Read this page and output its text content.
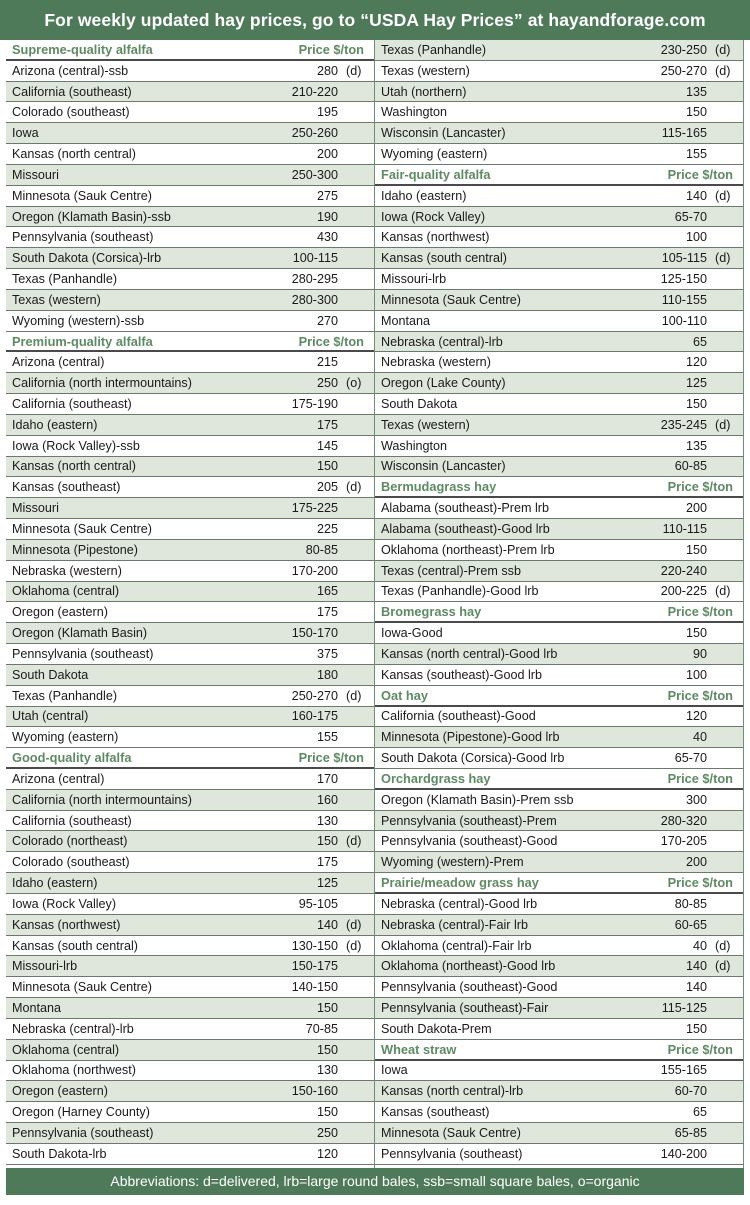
For weekly updated hay prices, go to “USDA Hay Prices” at hayandforage.com
Supreme-quality alfalfa	Price $/ton
Arizona (central)-ssb	280 (d)
California (southeast)	210-220
Colorado (southeast)	195
Iowa	250-260
Kansas (north central)	200
Missouri	250-300
Minnesota (Sauk Centre)	275
Oregon (Klamath Basin)-ssb	190
Pennsylvania (southeast)	430
South Dakota (Corsica)-lrb	100-115
Texas (Panhandle)	280-295
Texas (western)	280-300
Wyoming (western)-ssb	270
Premium-quality alfalfa	Price $/ton
Arizona (central)	215
California (north intermountains)	250 (o)
California (southeast)	175-190
Idaho (eastern)	175
Iowa (Rock Valley)-ssb	145
Kansas (north central)	150
Kansas (southeast)	205 (d)
Missouri	175-225
Minnesota (Sauk Centre)	225
Minnesota (Pipestone)	80-85
Nebraska (western)	170-200
Oklahoma (central)	165
Oregon (eastern)	175
Oregon (Klamath Basin)	150-170
Pennsylvania (southeast)	375
South Dakota	180
Texas (Panhandle)	250-270 (d)
Utah (central)	160-175
Wyoming (eastern)	155
Good-quality alfalfa	Price $/ton
Arizona (central)	170
California (north intermountains)	160
California (southeast)	130
Colorado (northeast)	150 (d)
Colorado (southeast)	175
Idaho (eastern)	125
Iowa (Rock Valley)	95-105
Kansas (northwest)	140 (d)
Kansas (south central)	130-150 (d)
Missouri-lrb	150-175
Minnesota (Sauk Centre)	140-150
Montana	150
Nebraska (central)-lrb	70-85
Oklahoma (central)	150
Oklahoma (northwest)	130
Oregon (eastern)	150-160
Oregon (Harney County)	150
Pennsylvania (southeast)	250
South Dakota-lrb	120
Texas (Panhandle)	230-250 (d)
Texas (western)	250-270 (d)
Utah (northern)	135
Washington	150
Wisconsin (Lancaster)	115-165
Wyoming (eastern)	155
Fair-quality alfalfa	Price $/ton
Idaho (eastern)	140 (d)
Iowa (Rock Valley)	65-70
Kansas (northwest)	100
Kansas (south central)	105-115 (d)
Missouri-lrb	125-150
Minnesota (Sauk Centre)	110-155
Montana	100-110
Nebraska (central)-lrb	65
Nebraska (western)	120
Oregon (Lake County)	125
South Dakota	150
Texas (western)	235-245 (d)
Washington	135
Wisconsin (Lancaster)	60-85
Bermudagrass hay	Price $/ton
Alabama (southeast)-Prem lrb	200
Alabama (southeast)-Good lrb	110-115
Oklahoma (northeast)-Prem lrb	150
Texas (central)-Prem ssb	220-240
Texas (Panhandle)-Good lrb	200-225 (d)
Bromegrass hay	Price $/ton
Iowa-Good	150
Kansas (north central)-Good lrb	90
Kansas (southeast)-Good lrb	100
Oat hay	Price $/ton
California (southeast)-Good	120
Minnesota (Pipestone)-Good lrb	40
South Dakota (Corsica)-Good lrb	65-70
Orchardgrass hay	Price $/ton
Oregon (Klamath Basin)-Prem ssb	300
Pennsylvania (southeast)-Prem	280-320
Pennsylvania (southeast)-Good	170-205
Wyoming (western)-Prem	200
Prairie/meadow grass hay	Price $/ton
Nebraska (central)-Good lrb	80-85
Nebraska (central)-Fair lrb	60-65
Oklahoma (central)-Fair lrb	40 (d)
Oklahoma (northeast)-Good lrb	140 (d)
Pennsylvania (southeast)-Good	140
Pennsylvania (southeast)-Fair	115-125
South Dakota-Prem	150
Wheat straw	Price $/ton
Iowa	155-165
Kansas (north central)-lrb	60-70
Kansas (southeast)	65
Minnesota (Sauk Centre)	65-85
Pennsylvania (southeast)	140-200
Abbreviations: d=delivered, lrb=large round bales, ssb=small square bales, o=organic
